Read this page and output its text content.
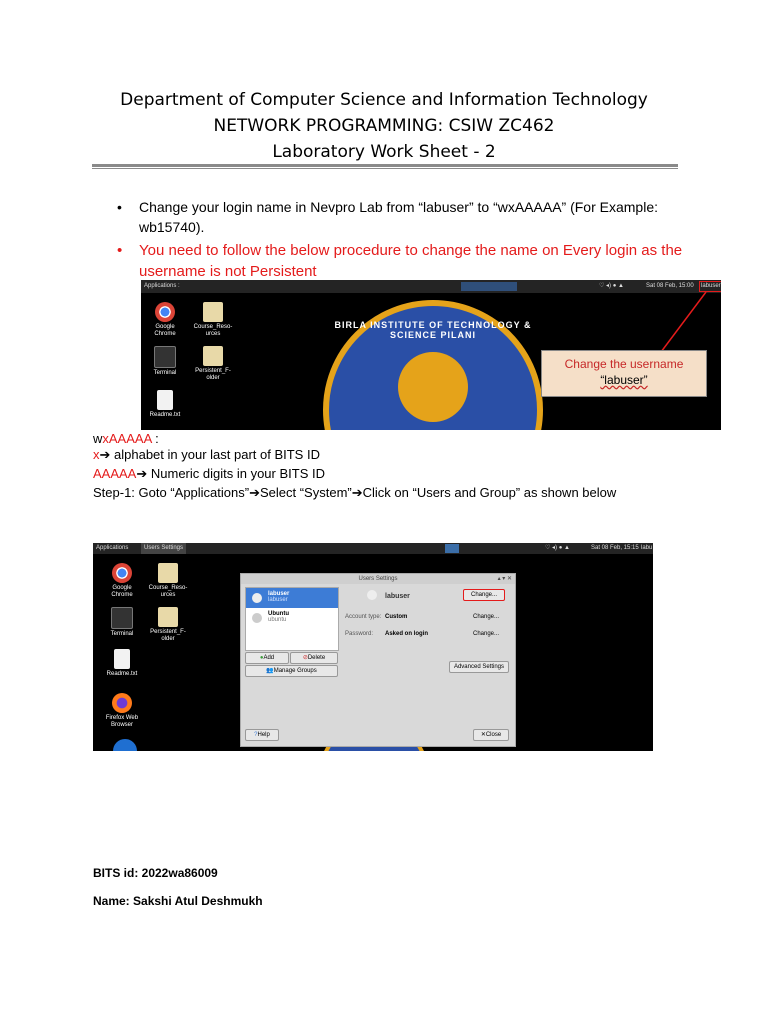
Department of Computer Science and Information Technology
NETWORK PROGRAMMING: CSIW ZC462
Laboratory Work Sheet - 2
• Change your login name in Nevpro Lab from “labuser” to “wxAAAAA” (For Example: wb15740).
• You need to follow the below procedure to change the name on Every login as the username is not Persistent
Applications :	♡ ◂) ● ▲	Sat 08 Feb, 15:00	labuser
Google Chrome
Course_Reso-urces
Terminal	Persistent_F-older
Readme.txt
BIRLA INSTITUTE OF TECHNOLOGY & SCIENCE PILANI
Change the username
“labuser”
wxAAAAA :
x➔ alphabet in your last part of BITS ID
AAAAA➔ Numeric digits in your BITS ID
Step-1: Goto “Applications”➔Select “System”➔Click on “Users and Group” as shown below
Applications	Users Settings	♡ ◂) ● ▲	Sat 08 Feb, 15:15 labu
Google Chrome
Course_Reso-urces
Terminal	Persistent_F-older
Readme.txt
Firefox Web Browser
Users Settings	▴ ▾ ✕
labuser
labuser
Ubuntu
ubuntu
●Add	⊘Delete
👥Manage Groups
labuser	Change...
Account type: Custom	Change...
Password: Asked on login	Change...
Advanced Settings
?Help	✕Close
BITS id: 2022wa86009
Name: Sakshi Atul Deshmukh
